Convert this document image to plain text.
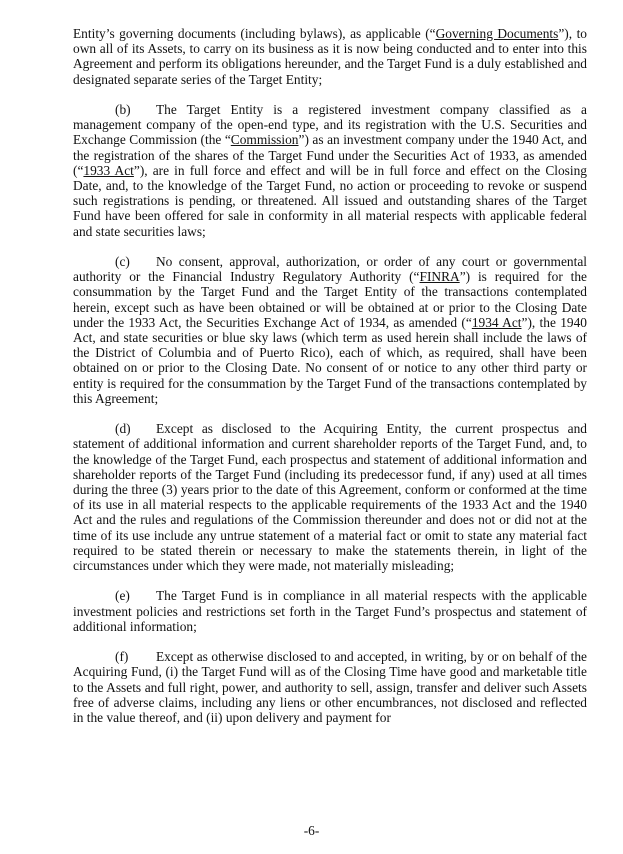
Entity’s governing documents (including bylaws), as applicable (“Governing Documents”), to own all of its Assets, to carry on its business as it is now being conducted and to enter into this Agreement and perform its obligations hereunder, and the Target Fund is a duly established and designated separate series of the Target Entity;

(b) The Target Entity is a registered investment company classified as a management company of the open-end type, and its registration with the U.S. Securities and Exchange Commission (the “Commission”) as an investment company under the 1940 Act, and the registration of the shares of the Target Fund under the Securities Act of 1933, as amended (“1933 Act”), are in full force and effect and will be in full force and effect on the Closing Date, and, to the knowledge of the Target Fund, no action or proceeding to revoke or suspend such registrations is pending, or threatened. All issued and outstanding shares of the Target Fund have been offered for sale in conformity in all material respects with applicable federal and state securities laws;

(c) No consent, approval, authorization, or order of any court or governmental authority or the Financial Industry Regulatory Authority (“FINRA”) is required for the consummation by the Target Fund and the Target Entity of the transactions contemplated herein, except such as have been obtained or will be obtained at or prior to the Closing Date under the 1933 Act, the Securities Exchange Act of 1934, as amended (“1934 Act”), the 1940 Act, and state securities or blue sky laws (which term as used herein shall include the laws of the District of Columbia and of Puerto Rico), each of which, as required, shall have been obtained on or prior to the Closing Date. No consent of or notice to any other third party or entity is required for the consummation by the Target Fund of the transactions contemplated by this Agreement;

(d) Except as disclosed to the Acquiring Entity, the current prospectus and statement of additional information and current shareholder reports of the Target Fund, and, to the knowledge of the Target Fund, each prospectus and statement of additional information and shareholder reports of the Target Fund (including its predecessor fund, if any) used at all times during the three (3) years prior to the date of this Agreement, conform or conformed at the time of its use in all material respects to the applicable requirements of the 1933 Act and the 1940 Act and the rules and regulations of the Commission thereunder and does not or did not at the time of its use include any untrue statement of a material fact or omit to state any material fact required to be stated therein or necessary to make the statements therein, in light of the circumstances under which they were made, not materially misleading;

(e) The Target Fund is in compliance in all material respects with the applicable investment policies and restrictions set forth in the Target Fund’s prospectus and statement of additional information;

(f) Except as otherwise disclosed to and accepted, in writing, by or on behalf of the Acquiring Fund, (i) the Target Fund will as of the Closing Time have good and marketable title to the Assets and full right, power, and authority to sell, assign, transfer and deliver such Assets free of adverse claims, including any liens or other encumbrances, not disclosed and reflected in the value thereof, and (ii) upon delivery and payment for

-6-
